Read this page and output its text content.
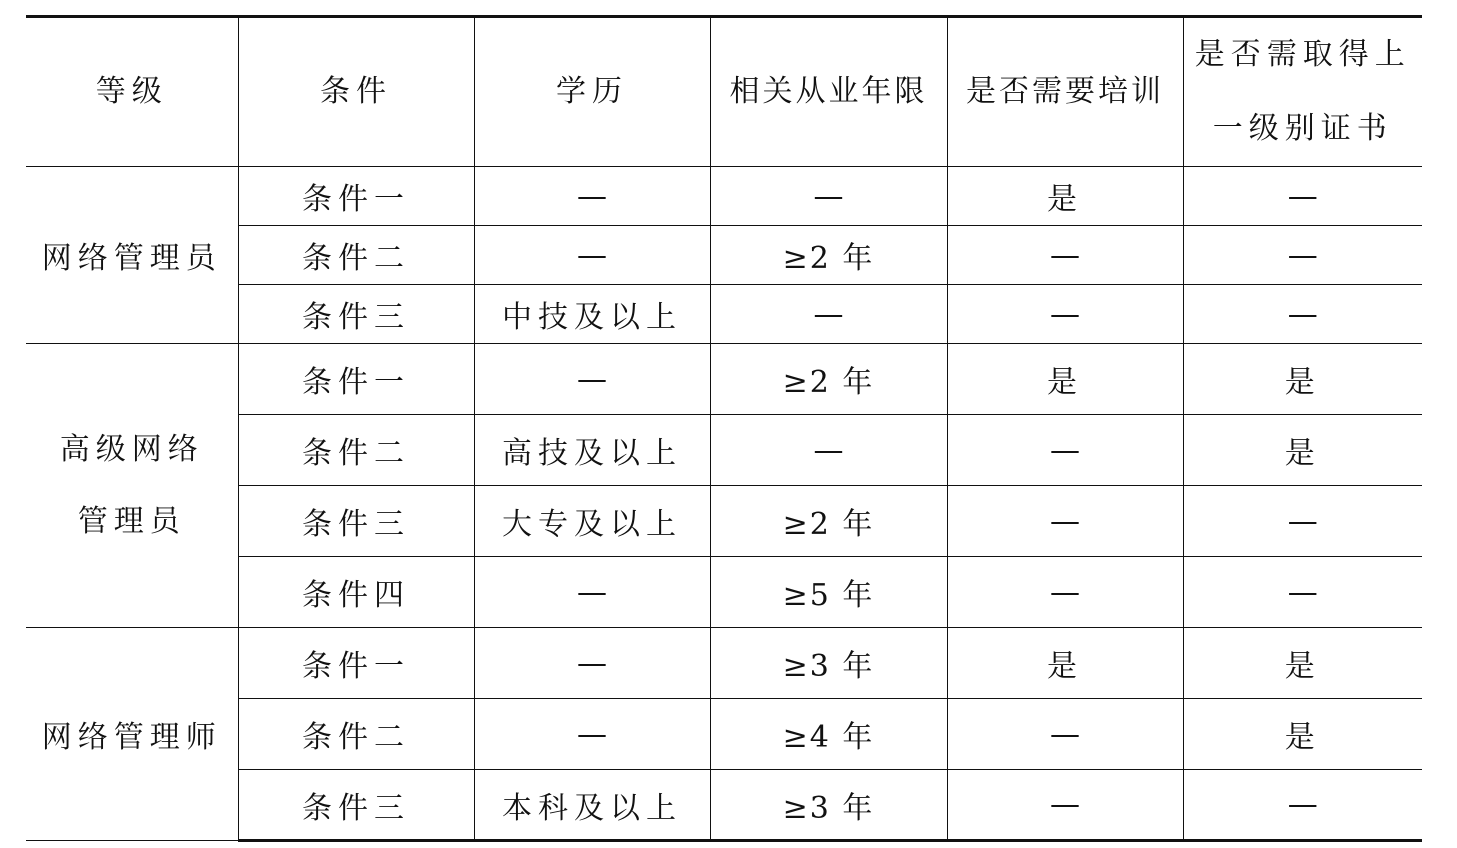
等级	条件	学历	相关从业年限	是否需要培训	是否需取得上
一级别证书

网络管理员	条件一	—	—	是	—
	条件二	—	≥2 年	—	—
	条件三	中技及以上	—	—	—

高级网络
管理员	条件一	—	≥2 年	是	是
	条件二	高技及以上	—	—	是
	条件三	大专及以上	≥2 年	—	—
	条件四	—	≥5 年	—	—
网络管理师	条件一	—	≥3 年	是	是
	条件二	—	≥4 年	—	是
	条件三	本科及以上	≥3 年	—	—
